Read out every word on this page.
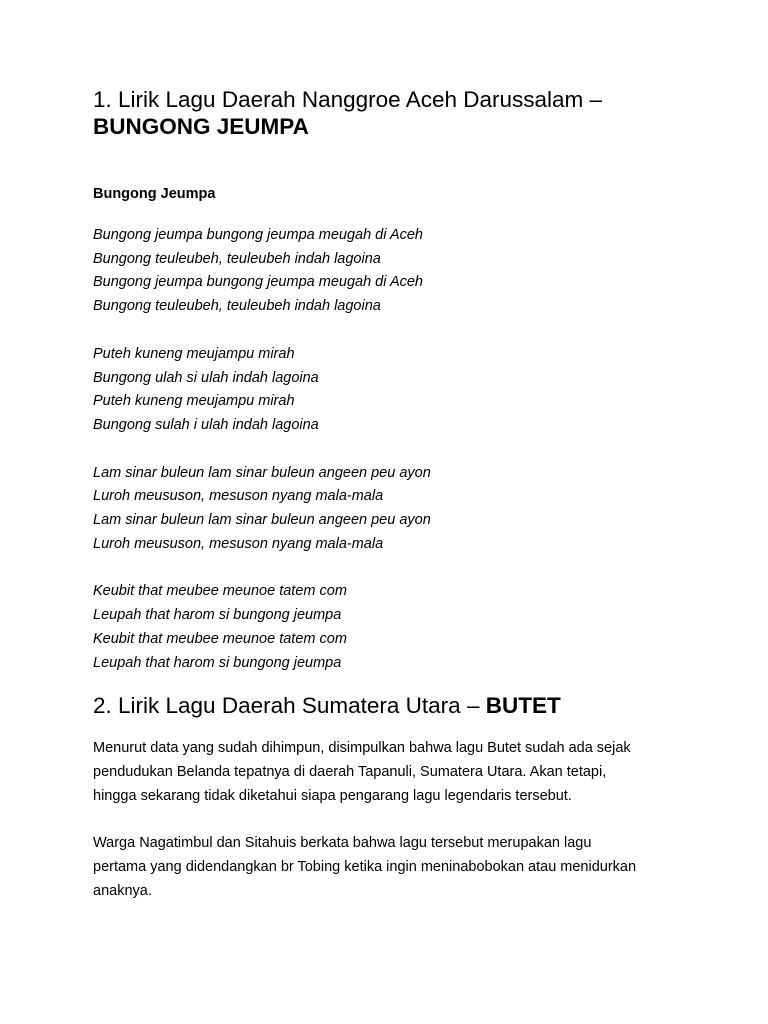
1. Lirik Lagu Daerah Nanggroe Aceh Darussalam –
BUNGONG JEUMPA
Bungong Jeumpa
Bungong jeumpa bungong jeumpa meugah di Aceh
Bungong teuleubeh, teuleubeh indah lagoina
Bungong jeumpa bungong jeumpa meugah di Aceh
Bungong teuleubeh, teuleubeh indah lagoina
Puteh kuneng meujampu mirah
Bungong ulah si ulah indah lagoina
Puteh kuneng meujampu mirah
Bungong sulah i ulah indah lagoina
Lam sinar buleun lam sinar buleun angeen peu ayon
Luroh meususon, mesuson nyang mala-mala
Lam sinar buleun lam sinar buleun angeen peu ayon
Luroh meususon, mesuson nyang mala-mala
Keubit that meubee meunoe tatem com
Leupah that harom si bungong jeumpa
Keubit that meubee meunoe tatem com
Leupah that harom si bungong jeumpa
2. Lirik Lagu Daerah Sumatera Utara – BUTET

Menurut data yang sudah dihimpun, disimpulkan bahwa lagu Butet sudah ada sejak
pendudukan Belanda tepatnya di daerah Tapanuli, Sumatera Utara. Akan tetapi,
hingga sekarang tidak diketahui siapa pengarang lagu legendaris tersebut.

Warga Nagatimbul dan Sitahuis berkata bahwa lagu tersebut merupakan lagu
pertama yang didendangkan br Tobing ketika ingin meninabobokan atau menidurkan
anaknya.
